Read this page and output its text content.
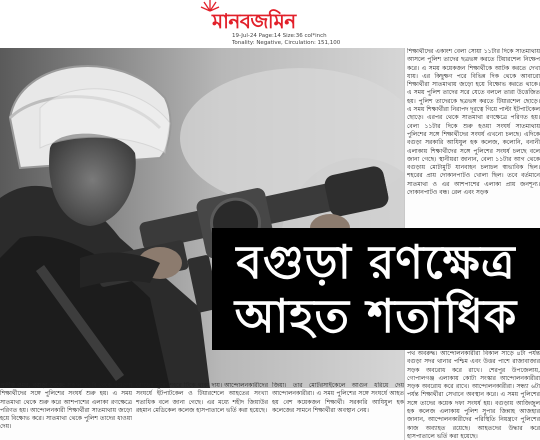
মানবজমিন
19-Jul-24 Page:14 Size:36 col*inch
Tonality: Negative, Circulation: 151,100
শিক্ষার্থীদের একাংশ বেলা সোয়া ১১টার দিকে সাতমাথায় আসলে পুলিশ তাদের ছত্রভঙ্গ করতে টিয়ারশেল নিক্ষেপ করে। এ সময় কয়েকজন শিক্ষার্থীকে আটক করতে দেখা যায়। এর কিছুক্ষণ পরে বিভিন্ন দিক থেকে আবারো শিক্ষার্থীরা সাতমাথায় জড়ো হয়ে বিক্ষোভ করতে থাকে। এ সময় পুলিশ তাদের সরে যেতে বললে তারা উত্তেজিত হয়। পুলিশ তাদেরকে ছত্রভঙ্গ করতে টিয়ারশেল ছোড়ে। এ সময় শিক্ষার্থীরা নিরাপদ দূরত্বে গিয়ে পাল্টা ইটপাটকেল ছোড়ে। এরপর থেকে সাতমাথা রণক্ষেত্রে পরিণত হয়। বেলা ১১টার দিকে শুরু হওয়া সংঘর্ষ সাতমাথায় পুলিশের সঙ্গে শিক্ষার্থীদের সংঘর্ষ এখনো চলছে। এদিকে বগুড়া সরকারি আযিযুল হক কলেজ, কলোনি, বনানী এলাকায় শিক্ষার্থীদের সঙ্গে পুলিশের সংঘর্ষ চলছে বলে জানা গেছে। স্থানীয়রা জানান, বেলা ১১টার আগ থেকে বগুড়ায় মোটামুটি যানবাহন চলাচল স্বাভাবিক ছিল। শহরের প্রায় দোকানপাটও খোলা ছিল। তবে বর্তমানে সাতমাথা ও এর আশপাশের এলাকা প্রায় জনশূন্য। দোকানপাটও বন্ধ। রেল এবং সড়ক
বগুড়া রণক্ষেত্র
আহত শতাধিক
পথ অবরুদ্ধ। আন্দোলনকারীরা বিকাল সাড়ে ৪টা পর্যন্ত বগুড়া সদর থানার পশ্চিম এবং উত্তর পাশে রাজাবাজার সড়ক অবরোধ করে রাখে। শেরপুর উপজেলায়, গোপালগঞ্জ এলাকায় কোটা সংস্কার আন্দোলনকারীরা সড়ক অবরোধ করে রাখে। আন্দোলনকারীরা। সন্ধ্যা ৬টা পর্যন্ত শিক্ষার্থীরা সেখানে অবস্থান করে। এ সময় পুলিশের সঙ্গে তাদের কয়েক দফা সংঘর্ষ হয়। বগুড়ায় আজিজুল হক কলেজ এলাকায় পুলিশ সুপার জিন্নাহ আজহার জানান, আন্দোলনকারীদের পরিস্থিতি নিয়ন্ত্রণে পুলিশের কাজ অব্যাহত রয়েছে। আহতদের উদ্ধার করে হাসপাতালে ভর্তি করা হয়েছে।
প্রতীক ওমর, বগুড়া থেকে: সকাল ১১টা থেকে বগুড়ায় শিক্ষার্থীদের সঙ্গে পুলিশের সংঘর্ষ শুরু হয়। এ সময় সাতমাথা থেকে শুরু করে আশপাশের এলাকা রণক্ষেত্রে পরিণত হয়। আন্দোলনকারী শিক্ষার্থীরা সাতমাথায় জড়ো হয়ে বিক্ষোভ করে। সাতমাথা থেকে পুলিশ তাদের ধাওয়া দেয়।
রোডের পুরো শহরে টিকে থাকা দায়। আন্দোলনকারীদের সংঘর্ষে ইটপাটকেল ও টিয়ারশেলে আহতের সংখ্যা শতাধিক বলে জানা গেছে। এর মধ্যে শহীদ জিয়াউর রহমান মেডিকেল কলেজ হাসপাতালে ভর্তি করা হয়েছে।
জিয়া। তার মোটরসাইকেলে আগুন ধরিয়ে দেয় আন্দোলনকারীরা। এ সময় পুলিশের সঙ্গে সংঘর্ষে আহত হয় বেশ কয়েকজন শিক্ষার্থী। সরকারি আযিযুল হক কলেজের সামনে শিক্ষার্থীরা অবস্থান নেয়।
